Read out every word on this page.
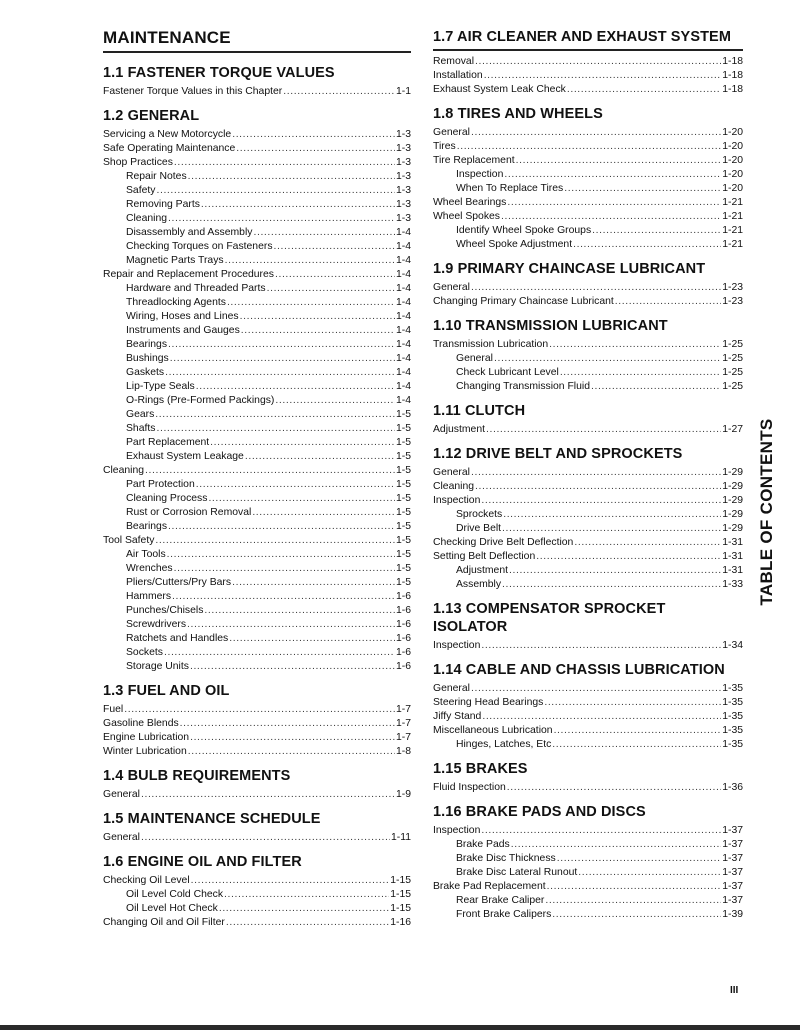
MAINTENANCE
1.1 FASTENER TORQUE VALUES
Fastener Torque Values in this Chapter .....	1-1
1.2 GENERAL
Servicing a New Motorcycle .....	1-3
Safe Operating Maintenance .....	1-3
Shop Practices .....	1-3
Repair Notes .....	1-3
Safety .....	1-3
Removing Parts .....	1-3
Cleaning .....	1-3
Disassembly and Assembly .....	1-4
Checking Torques on Fasteners .....	1-4
Magnetic Parts Trays .....	1-4
Repair and Replacement Procedures .....	1-4
Hardware and Threaded Parts .....	1-4
Threadlocking Agents .....	1-4
Wiring, Hoses and Lines .....	1-4
Instruments and Gauges .....	1-4
Bearings .....	1-4
Bushings .....	1-4
Gaskets .....	1-4
Lip-Type Seals .....	1-4
O-Rings (Pre-Formed Packings) .....	1-4
Gears .....	1-5
Shafts .....	1-5
Part Replacement .....	1-5
Exhaust System Leakage .....	1-5
Cleaning .....	1-5
Part Protection .....	1-5
Cleaning Process .....	1-5
Rust or Corrosion Removal .....	1-5
Bearings .....	1-5
Tool Safety .....	1-5
Air Tools .....	1-5
Wrenches .....	1-5
Pliers/Cutters/Pry Bars .....	1-5
Hammers .....	1-6
Punches/Chisels .....	1-6
Screwdrivers .....	1-6
Ratchets and Handles .....	1-6
Sockets .....	1-6
Storage Units .....	1-6
1.3 FUEL AND OIL
Fuel .....	1-7
Gasoline Blends .....	1-7
Engine Lubrication .....	1-7
Winter Lubrication .....	1-8
1.4 BULB REQUIREMENTS
General .....	1-9
1.5 MAINTENANCE SCHEDULE
General .....	1-11
1.6 ENGINE OIL AND FILTER
Checking Oil Level .....	1-15
Oil Level Cold Check .....	1-15
Oil Level Hot Check .....	1-15
Changing Oil and Oil Filter .....	1-16
1.7 AIR CLEANER AND EXHAUST SYSTEM
Removal .....	1-18
Installation .....	1-18
Exhaust System Leak Check .....	1-18
1.8 TIRES AND WHEELS
General .....	1-20
Tires .....	1-20
Tire Replacement .....	1-20
Inspection .....	1-20
When To Replace Tires .....	1-20
Wheel Bearings .....	1-21
Wheel Spokes .....	1-21
Identify Wheel Spoke Groups .....	1-21
Wheel Spoke Adjustment .....	1-21
1.9 PRIMARY CHAINCASE LUBRICANT
General .....	1-23
Changing Primary Chaincase Lubricant .....	1-23
1.10 TRANSMISSION LUBRICANT
Transmission Lubrication .....	1-25
General .....	1-25
Check Lubricant Level .....	1-25
Changing Transmission Fluid .....	1-25
1.11 CLUTCH
Adjustment .....	1-27
1.12 DRIVE BELT AND SPROCKETS
General .....	1-29
Cleaning .....	1-29
Inspection .....	1-29
Sprockets .....	1-29
Drive Belt .....	1-29
Checking Drive Belt Deflection .....	1-31
Setting Belt Deflection .....	1-31
Adjustment .....	1-31
Assembly .....	1-33
1.13 COMPENSATOR SPROCKET ISOLATOR
Inspection .....	1-34
1.14 CABLE AND CHASSIS LUBRICATION
General .....	1-35
Steering Head Bearings .....	1-35
Jiffy Stand .....	1-35
Miscellaneous Lubrication .....	1-35
Hinges, Latches, Etc .....	1-35
1.15 BRAKES
Fluid Inspection .....	1-36
1.16 BRAKE PADS AND DISCS
Inspection .....	1-37
Brake Pads .....	1-37
Brake Disc Thickness .....	1-37
Brake Disc Lateral Runout .....	1-37
Brake Pad Replacement .....	1-37
Rear Brake Caliper .....	1-37
Front Brake Calipers .....	1-39
TABLE OF CONTENTS
III
